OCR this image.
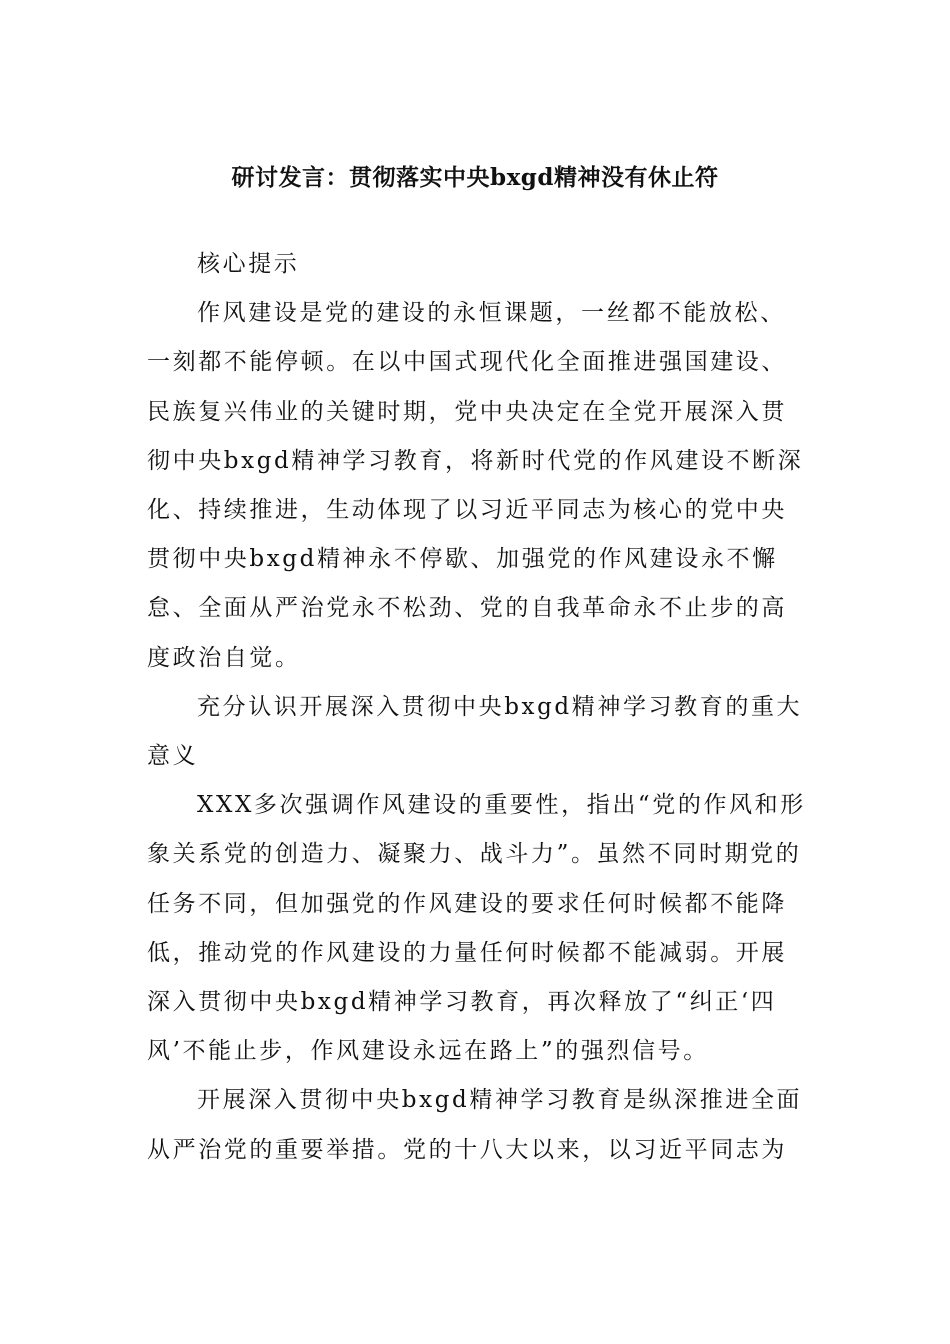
研讨发言：贯彻落实中央bxgd精神没有休止符

核心提示

作风建设是党的建设的永恒课题，一丝都不能放松、一刻都不能停顿。在以中国式现代化全面推进强国建设、民族复兴伟业的关键时期，党中央决定在全党开展深入贯彻中央bxgd精神学习教育，将新时代党的作风建设不断深化、持续推进，生动体现了以习近平同志为核心的党中央贯彻中央bxgd精神永不停歇、加强党的作风建设永不懈怠、全面从严治党永不松劲、党的自我革命永不止步的高度政治自觉。

充分认识开展深入贯彻中央bxgd精神学习教育的重大意义

XXX多次强调作风建设的重要性，指出“党的作风和形象关系党的创造力、凝聚力、战斗力”。虽然不同时期党的任务不同，但加强党的作风建设的要求任何时候都不能降低，推动党的作风建设的力量任何时候都不能减弱。开展深入贯彻中央bxgd精神学习教育，再次释放了“纠正‘四风’不能止步，作风建设永远在路上”的强烈信号。

开展深入贯彻中央bxgd精神学习教育是纵深推进全面从严治党的重要举措。党的十八大以来，以习近平同志为
